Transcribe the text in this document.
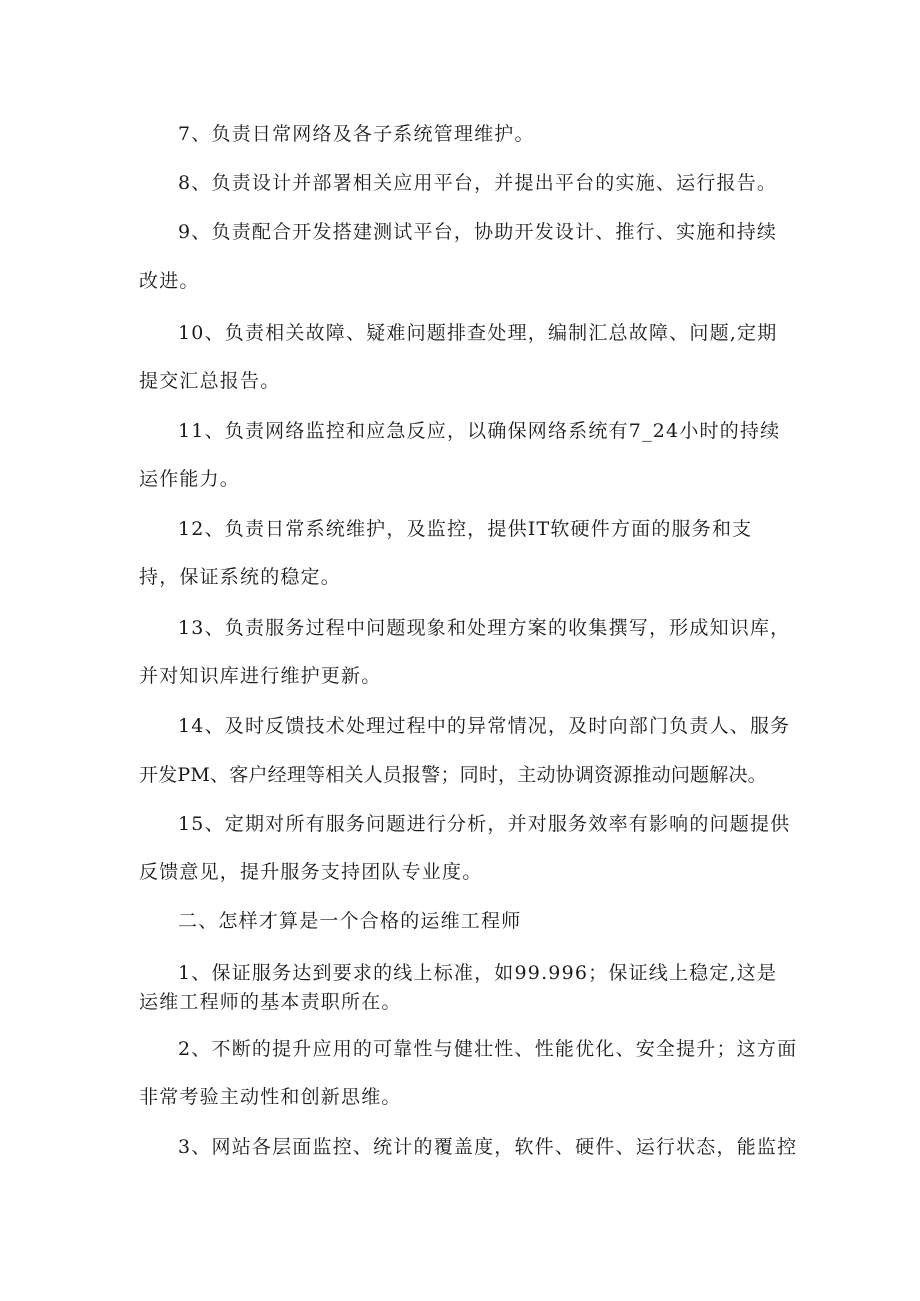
7、负责日常网络及各子系统管理维护。

8、负责设计并部署相关应用平台，并提出平台的实施、运行报告。

9、负责配合开发搭建测试平台，协助开发设计、推行、实施和持续

改进。

10、负责相关故障、疑难问题排查处理，编制汇总故障、问题,定期

提交汇总报告。

11、负责网络监控和应急反应，以确保网络系统有7_24小时的持续

运作能力。

12、负责日常系统维护，及监控，提供IT软硬件方面的服务和支

持，保证系统的稳定。

13、负责服务过程中问题现象和处理方案的收集撰写，形成知识库，

并对知识库进行维护更新。

14、及时反馈技术处理过程中的异常情况，及时向部门负责人、服务

开发PM、客户经理等相关人员报警；同时，主动协调资源推动问题解决。

15、定期对所有服务问题进行分析，并对服务效率有影响的问题提供

反馈意见，提升服务支持团队专业度。

二、怎样才算是一个合格的运维工程师

1、保证服务达到要求的线上标准，如99.996；保证线上稳定,这是

运维工程师的基本责职所在。

2、不断的提升应用的可靠性与健壮性、性能优化、安全提升；这方面

非常考验主动性和创新思维。

3、网站各层面监控、统计的覆盖度，软件、硬件、运行状态，能监控
